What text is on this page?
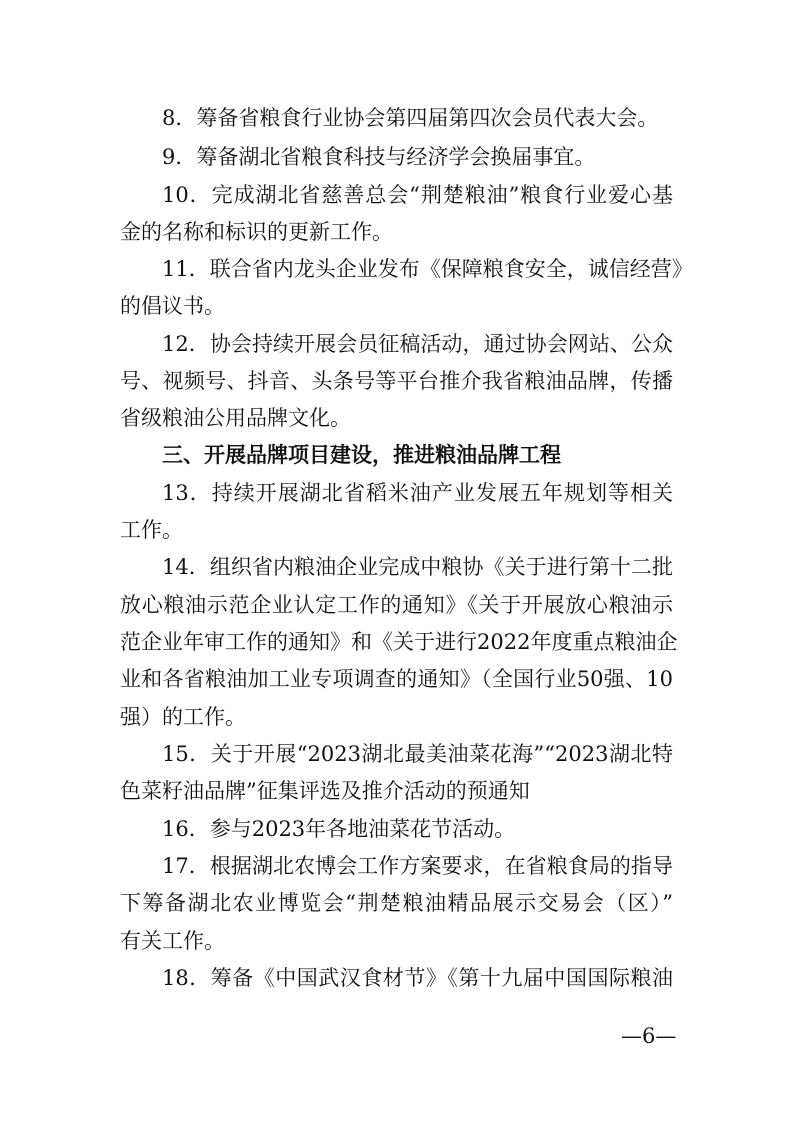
8．筹备省粮食行业协会第四届第四次会员代表大会。
9．筹备湖北省粮食科技与经济学会换届事宜。
10．完成湖北省慈善总会“荆楚粮油”粮食行业爱心基
金的名称和标识的更新工作。
11．联合省内龙头企业发布《保障粮食安全，诚信经营》
的倡议书。
12．协会持续开展会员征稿活动，通过协会网站、公众
号、视频号、抖音、头条号等平台推介我省粮油品牌，传播
省级粮油公用品牌文化。
三、开展品牌项目建设，推进粮油品牌工程
13．持续开展湖北省稻米油产业发展五年规划等相关
工作。
14．组织省内粮油企业完成中粮协《关于进行第十二批
放心粮油示范企业认定工作的通知》《关于开展放心粮油示
范企业年审工作的通知》和《关于进行2022年度重点粮油企
业和各省粮油加工业专项调查的通知》（全国行业50强、10
强）的工作。
15．关于开展“2023湖北最美油菜花海”“2023湖北特
色菜籽油品牌”征集评选及推介活动的预通知
16．参与2023年各地油菜花节活动。
17．根据湖北农博会工作方案要求，在省粮食局的指导
下筹备湖北农业博览会“荆楚粮油精品展示交易会（区）”
有关工作。
18．筹备《中国武汉食材节》《第十九届中国国际粮油
—6—
